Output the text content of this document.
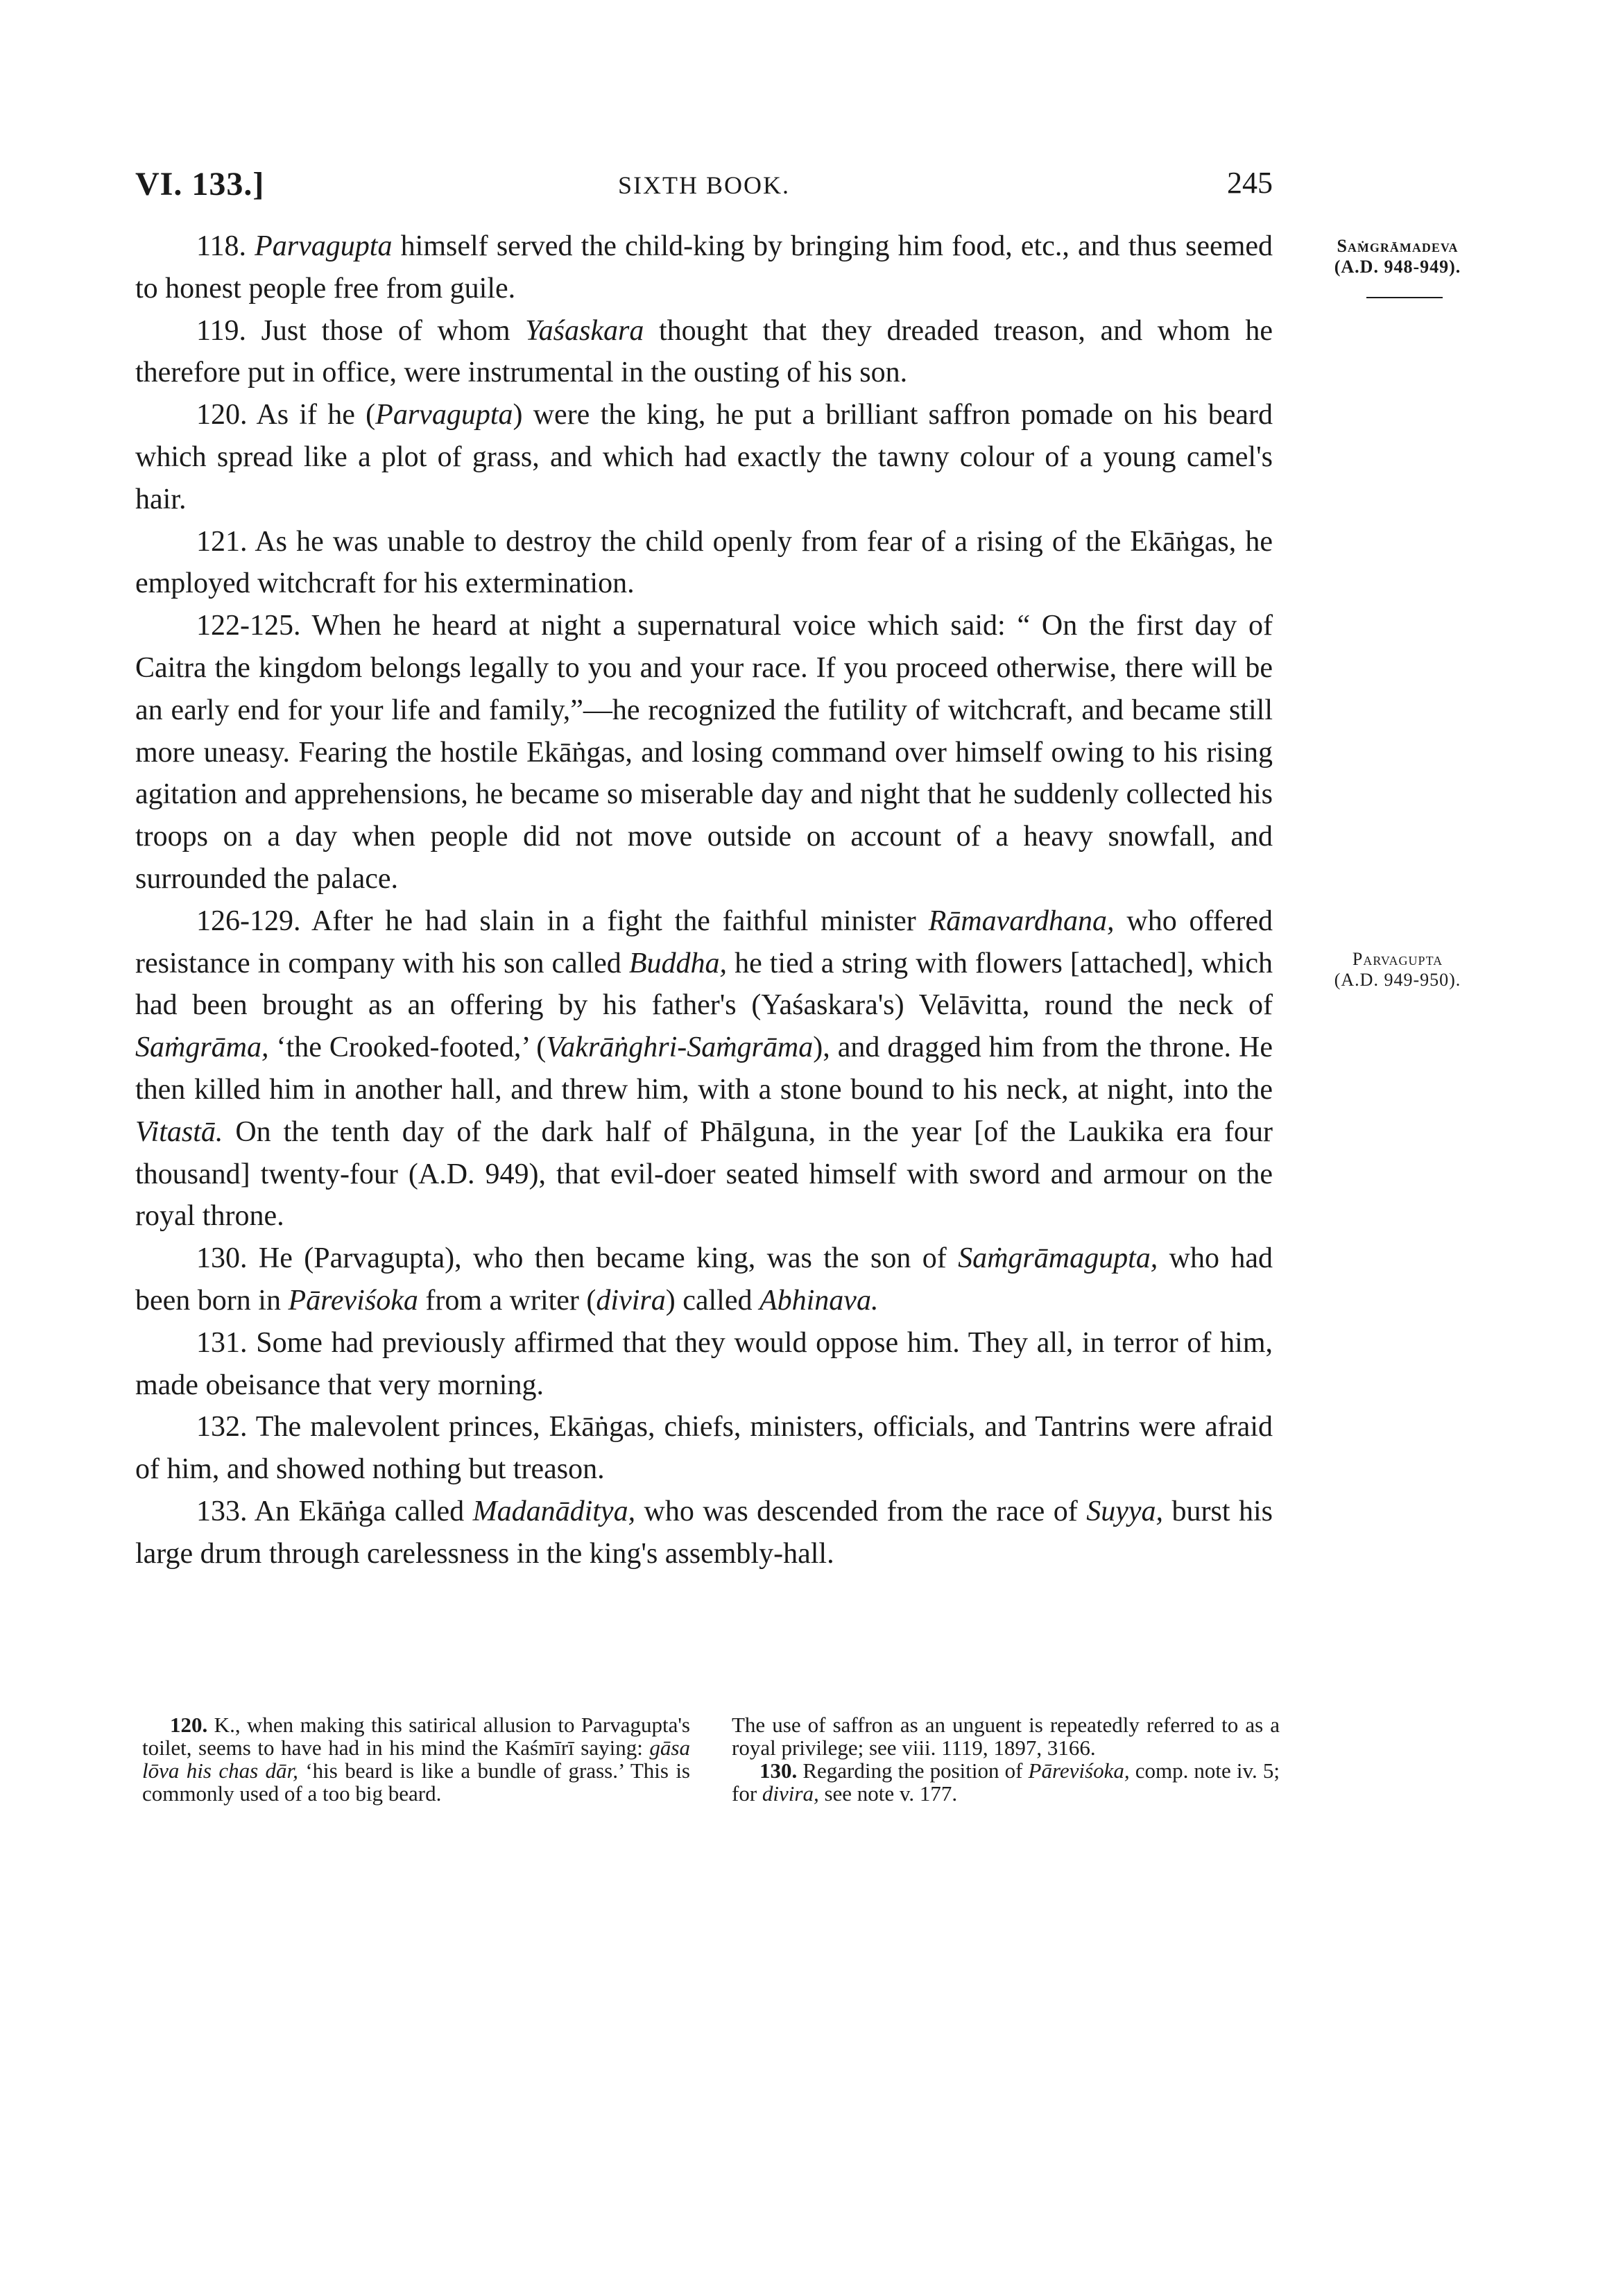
VI. 133.]	SIXTH BOOK.	245
Saṁgrāmadeva
(A.D. 948-949).
Parvagupta
(A.D. 949-950).

118. Parvagupta himself served the child-king by bringing him food, etc., and thus seemed to honest people free from guile.

119. Just those of whom Yaśaskara thought that they dreaded treason, and whom he therefore put in office, were instrumental in the ousting of his son.

120. As if he (Parvagupta) were the king, he put a brilliant saffron pomade on his beard which spread like a plot of grass, and which had exactly the tawny colour of a young camel's hair.

121. As he was unable to destroy the child openly from fear of a rising of the Ekāṅgas, he employed witchcraft for his extermination.

122-125. When he heard at night a supernatural voice which said: “ On the first day of Caitra the kingdom belongs legally to you and your race. If you proceed otherwise, there will be an early end for your life and family,”—he recognized the futility of witchcraft, and became still more uneasy. Fearing the hostile Ekāṅgas, and losing command over himself owing to his rising agitation and apprehensions, he became so miserable day and night that he suddenly collected his troops on a day when people did not move outside on account of a heavy snowfall, and surrounded the palace.

126-129. After he had slain in a fight the faithful minister Rāmavardhana, who offered resistance in company with his son called Buddha, he tied a string with flowers [attached], which had been brought as an offering by his father's (Yaśaskara's) Velāvitta, round the neck of Saṁgrāma, ‘the Crooked-footed,’ (Vakrāṅghri-Saṁgrāma), and dragged him from the throne. He then killed him in another hall, and threw him, with a stone bound to his neck, at night, into the Vitastā. On the tenth day of the dark half of Phālguna, in the year [of the Laukika era four thousand] twenty-four (A.D. 949), that evil-doer seated himself with sword and armour on the royal throne.

130. He (Parvagupta), who then became king, was the son of Saṁgrāmagupta, who had been born in Pāreviśoka from a writer (divira) called Abhinava.

131. Some had previously affirmed that they would oppose him. They all, in terror of him, made obeisance that very morning.

132. The malevolent princes, Ekāṅgas, chiefs, ministers, officials, and Tantrins were afraid of him, and showed nothing but treason.

133. An Ekāṅga called Madanāditya, who was descended from the race of Suyya, burst his large drum through carelessness in the king's assembly-hall.

120. K., when making this satirical allusion to Parvagupta's toilet, seems to have had in his mind the Kaśmīrī saying: gāsa lōva his chas dār, ‘his beard is like a bundle of grass.’ This is commonly used of a too big beard.

The use of saffron as an unguent is repeatedly referred to as a royal privilege; see viii. 1119, 1897, 3166.

130. Regarding the position of Pāreviśoka, comp. note iv. 5; for divira, see note v. 177.
